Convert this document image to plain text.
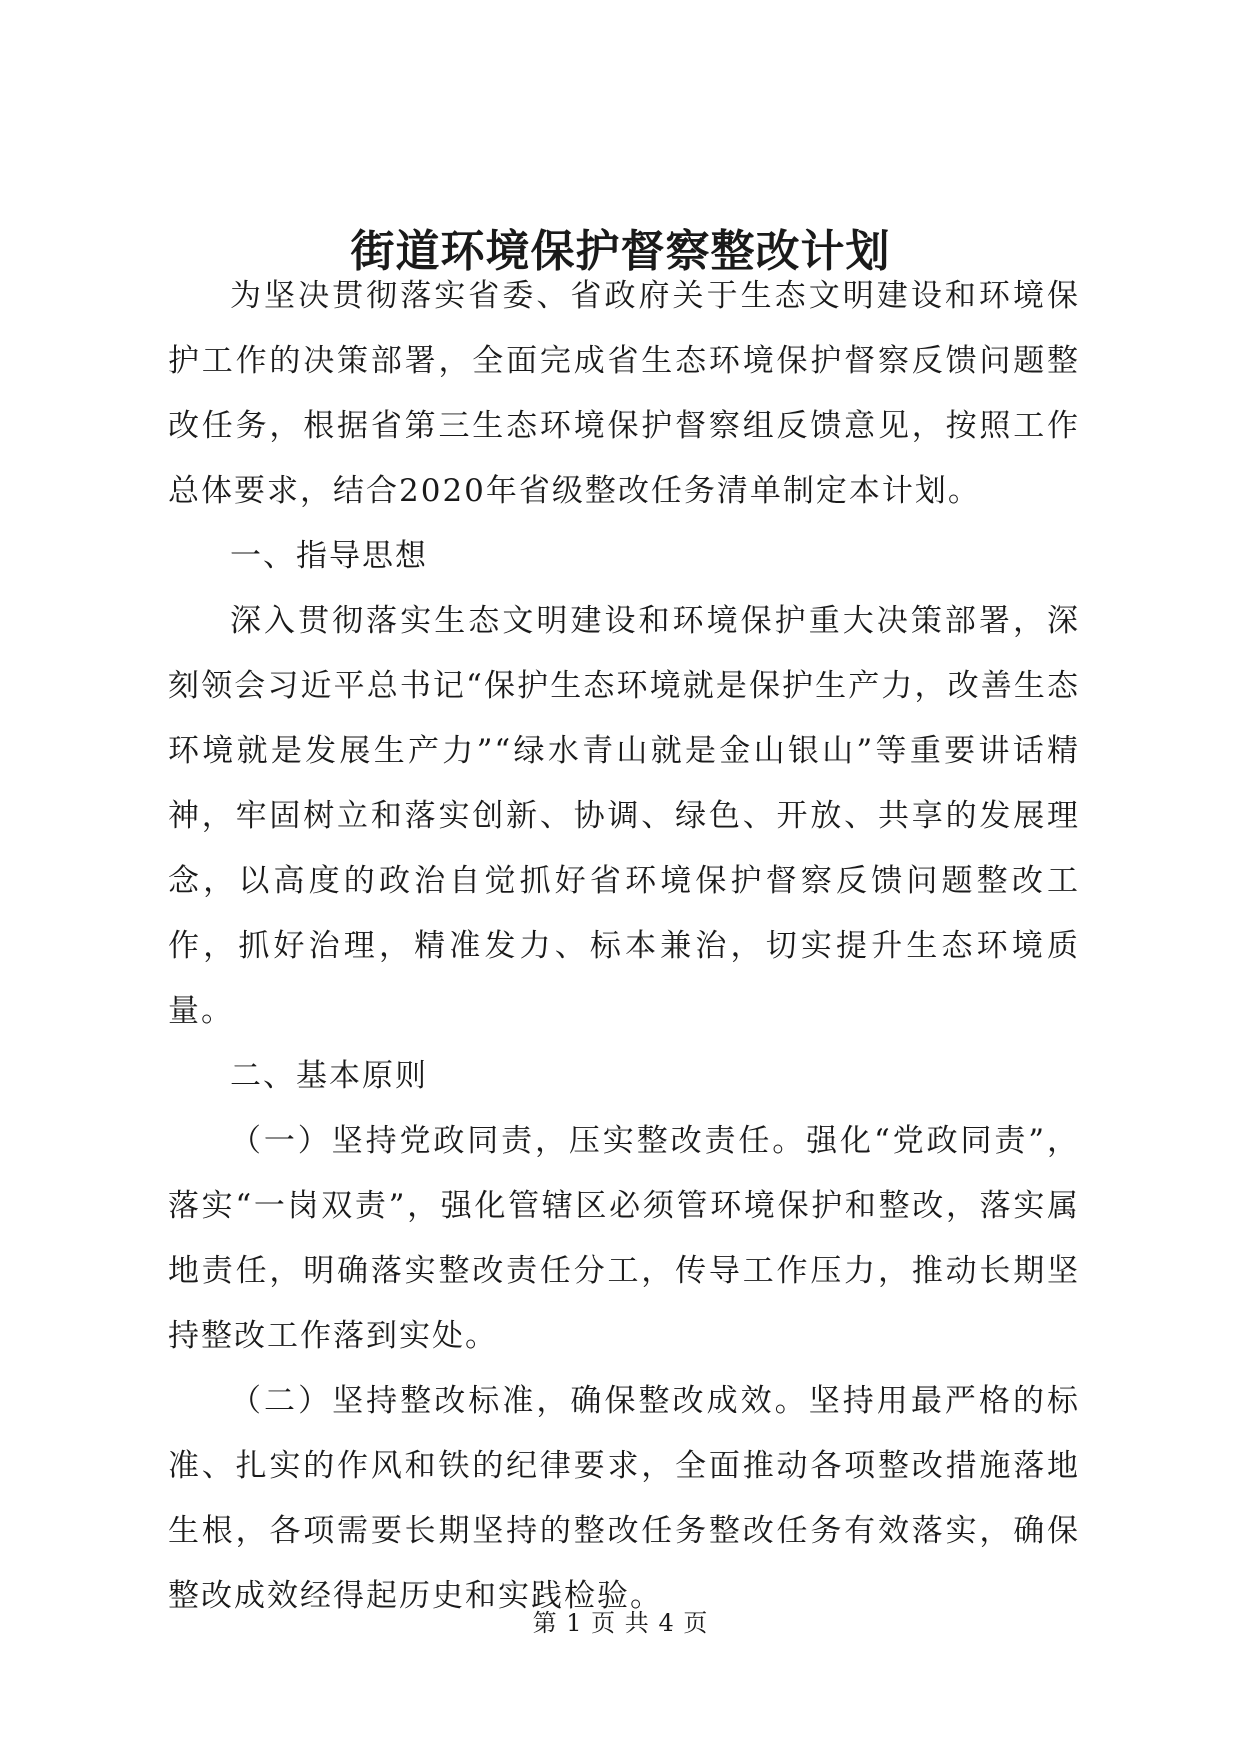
街道环境保护督察整改计划

为坚决贯彻落实省委、省政府关于生态文明建设和环境保护工作的决策部署，全面完成省生态环境保护督察反馈问题整改任务，根据省第三生态环境保护督察组反馈意见，按照工作总体要求，结合2020年省级整改任务清单制定本计划。

一、指导思想

深入贯彻落实生态文明建设和环境保护重大决策部署，深刻领会习近平总书记“保护生态环境就是保护生产力，改善生态环境就是发展生产力”“绿水青山就是金山银山”等重要讲话精神，牢固树立和落实创新、协调、绿色、开放、共享的发展理念，以高度的政治自觉抓好省环境保护督察反馈问题整改工作，抓好治理，精准发力、标本兼治，切实提升生态环境质量。

二、基本原则

（一）坚持党政同责，压实整改责任。强化“党政同责”，落实“一岗双责”，强化管辖区必须管环境保护和整改，落实属地责任，明确落实整改责任分工，传导工作压力，推动长期坚持整改工作落到实处。

（二）坚持整改标准，确保整改成效。坚持用最严格的标准、扎实的作风和铁的纪律要求，全面推动各项整改措施落地生根，各项需要长期坚持的整改任务整改任务有效落实，确保整改成效经得起历史和实践检验。

第 1 页 共 4 页
